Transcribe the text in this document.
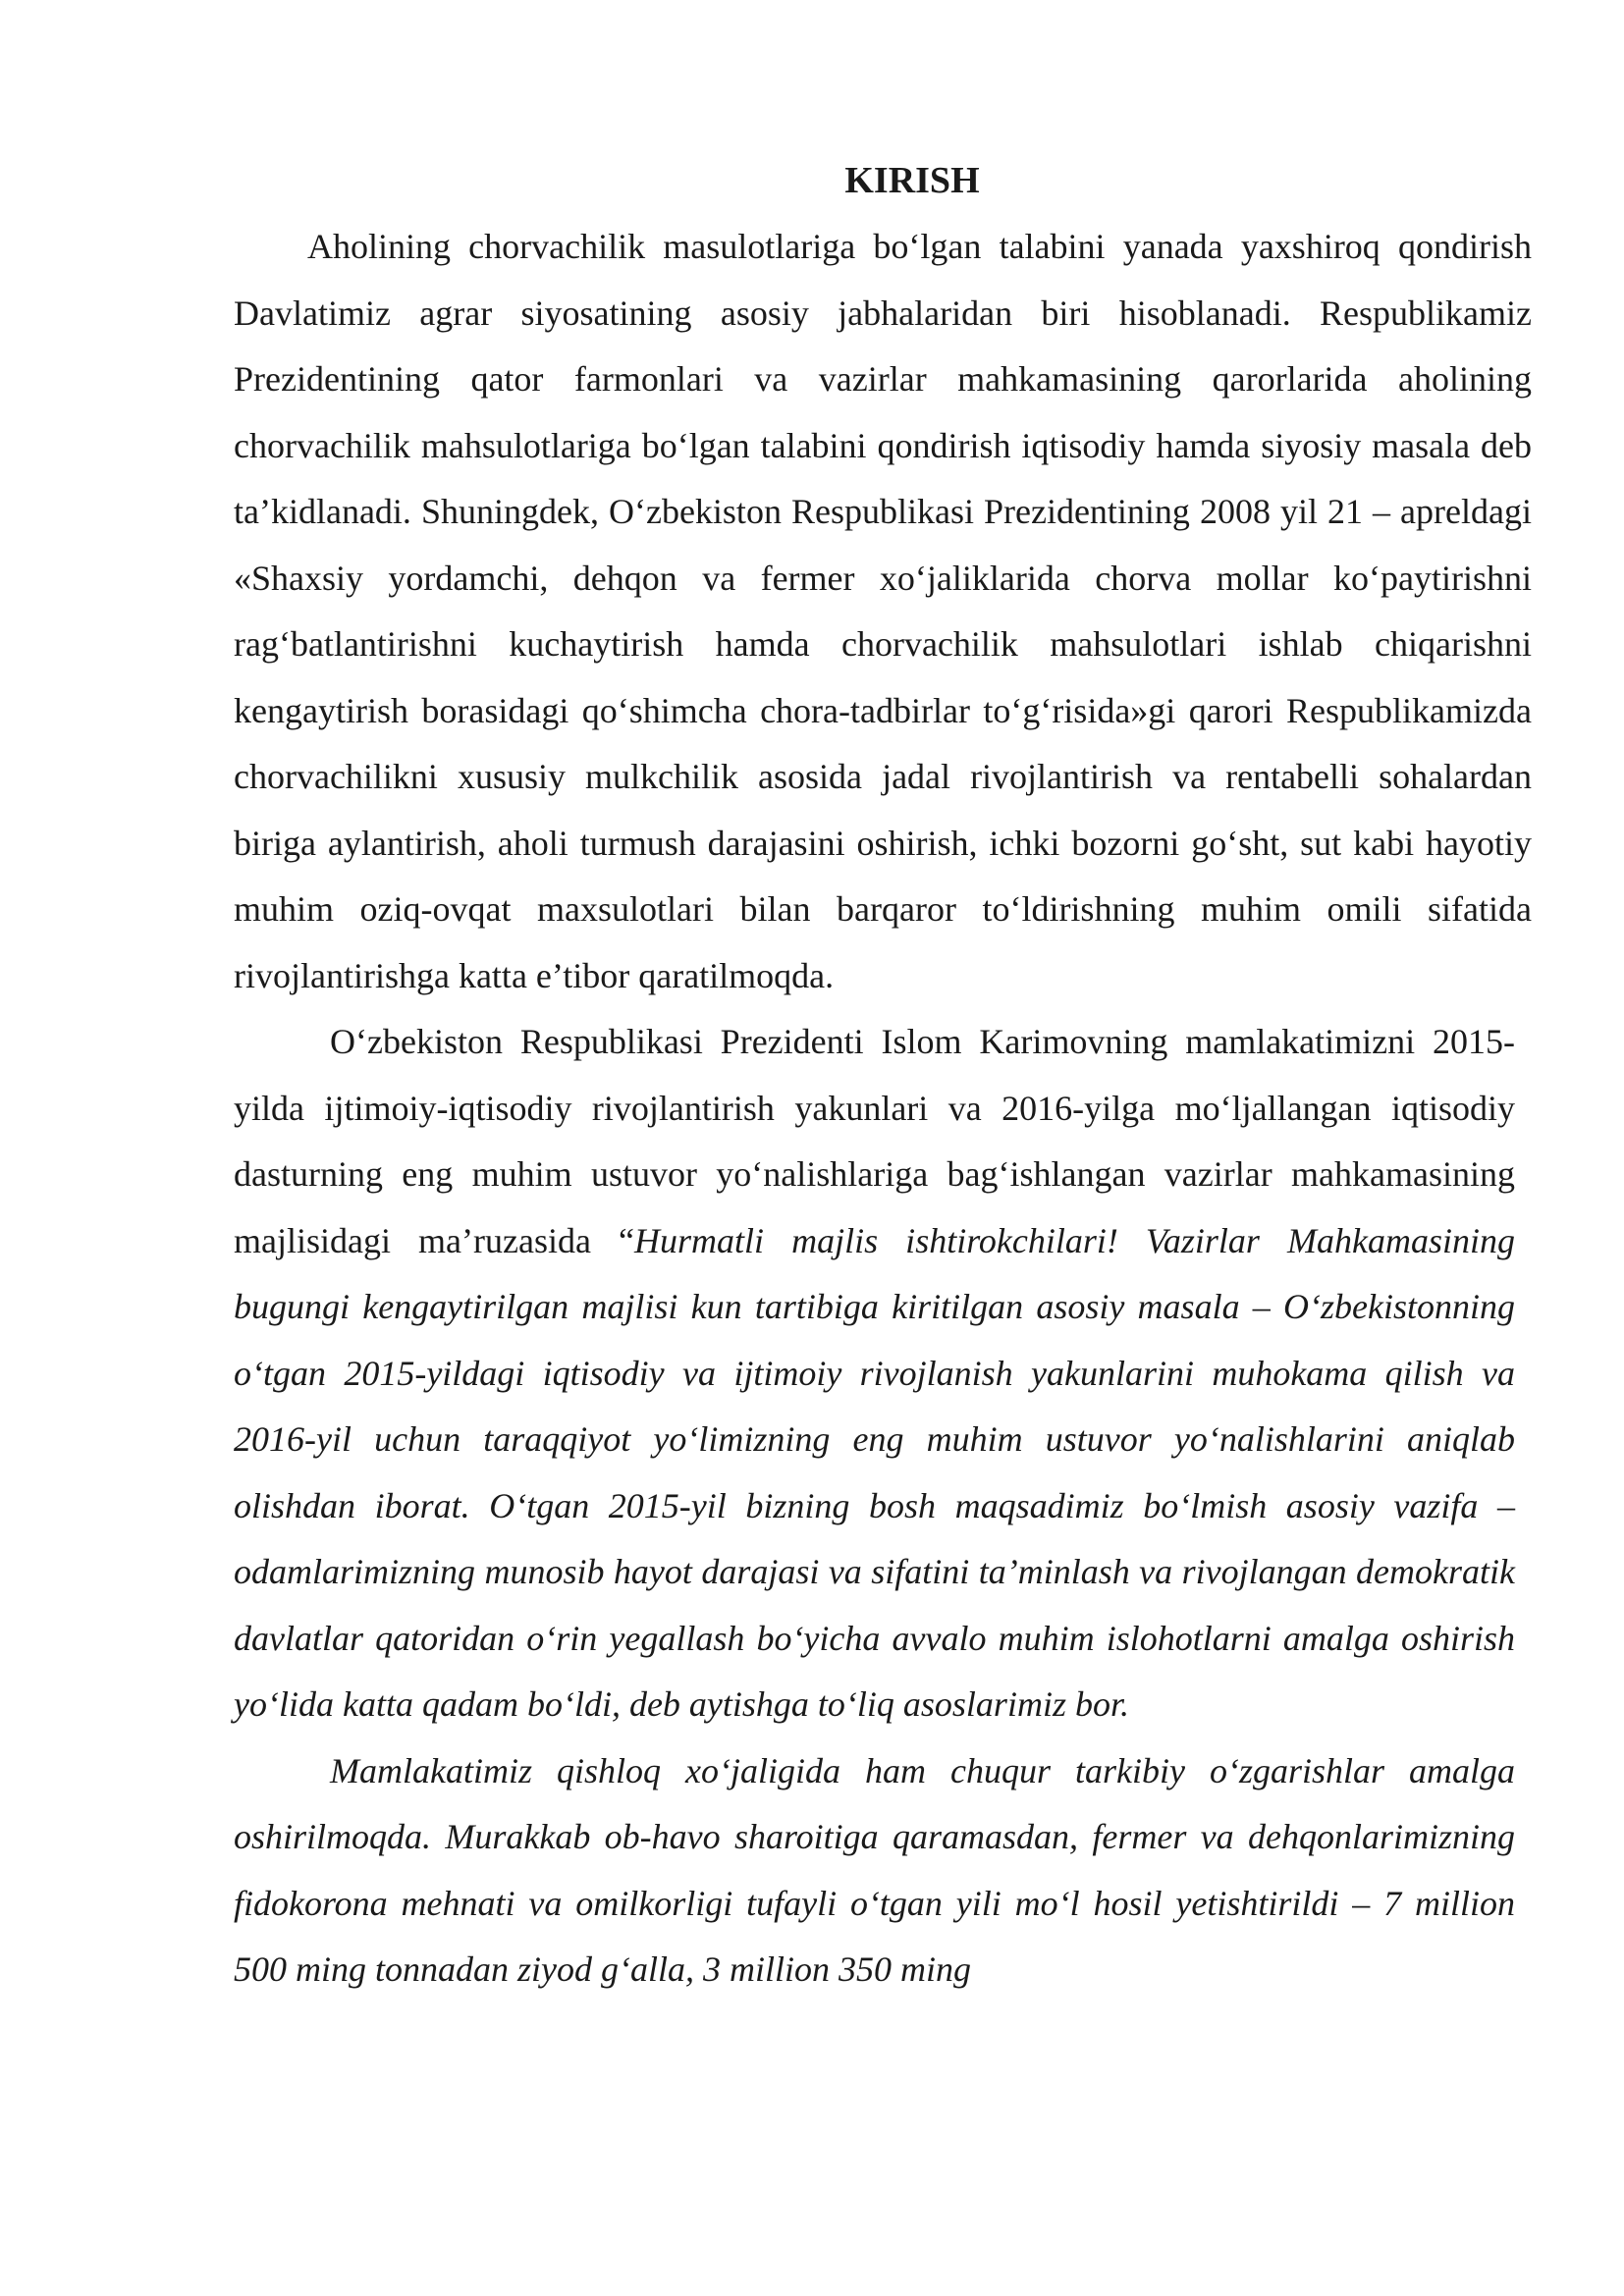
KIRISH

Aholining chorvachilik masulotlariga bo‘lgan talabini yanada yaxshiroq qondirish Davlatimiz agrar siyosatining asosiy jabhalaridan biri hisoblanadi. Respublikamiz Prezidentining qator farmonlari va vazirlar mahkamasining qarorlarida aholining chorvachilik mahsulotlariga bo‘lgan talabini qondirish iqtisodiy hamda siyosiy masala deb ta’kidlanadi. Shuningdek, O‘zbekiston Respublikasi Prezidentining 2008 yil 21 – apreldagi «Shaxsiy yordamchi, dehqon va fermer xo‘jaliklarida chorva mollar ko‘paytirishni rag‘batlantirishni kuchaytirish hamda chorvachilik mahsulotlari ishlab chiqarishni kengaytirish borasidagi qo‘shimcha chora-tadbirlar to‘g‘risida»gi qarori Respublikamizda chorvachilikni xususiy mulkchilik asosida jadal rivojlantirish va rentabelli sohalardan biriga aylantirish, aholi turmush darajasini oshirish, ichki bozorni go‘sht, sut kabi hayotiy muhim oziq-ovqat maxsulotlari bilan barqaror to‘ldirishning muhim omili sifatida rivojlantirishga katta e’tibor qaratilmoqda.

O‘zbekiston Respublikasi Prezidenti Islom Karimovning mamlakatimizni 2015-yilda ijtimoiy-iqtisodiy rivojlantirish yakunlari va 2016-yilga mo‘ljallangan iqtisodiy dasturning eng muhim ustuvor yo‘nalishlariga bag‘ishlangan vazirlar mahkamasining majlisidagi ma’ruzasida “Hurmatli majlis ishtirokchilari! Vazirlar Mahkamasining bugungi kengaytirilgan majlisi kun tartibiga kiritilgan asosiy masala – O‘zbekistonning o‘tgan 2015-yildagi iqtisodiy va ijtimoiy rivojlanish yakunlarini muhokama qilish va 2016-yil uchun taraqqiyot yo‘limizning eng muhim ustuvor yo‘nalishlarini aniqlab olishdan iborat. O‘tgan 2015-yil bizning bosh maqsadimiz bo‘lmish asosiy vazifa – odamlarimizning munosib hayot darajasi va sifatini ta’minlash va rivojlangan demokratik davlatlar qatoridan o‘rin yegallash bo‘yicha avvalo muhim islohotlarni amalga oshirish yo‘lida katta qadam bo‘ldi, deb aytishga to‘liq asoslarimiz bor.

Mamlakatimiz qishloq xo‘jaligida ham chuqur tarkibiy o‘zgarishlar amalga oshirilmoqda. Murakkab ob-havo sharoitiga qaramasdan, fermer va dehqonlarimizning fidokorona mehnati va omilkorligi tufayli o‘tgan yili mo‘l hosil yetishtirildi – 7 million 500 ming tonnadan ziyod g‘alla, 3 million 350 ming
